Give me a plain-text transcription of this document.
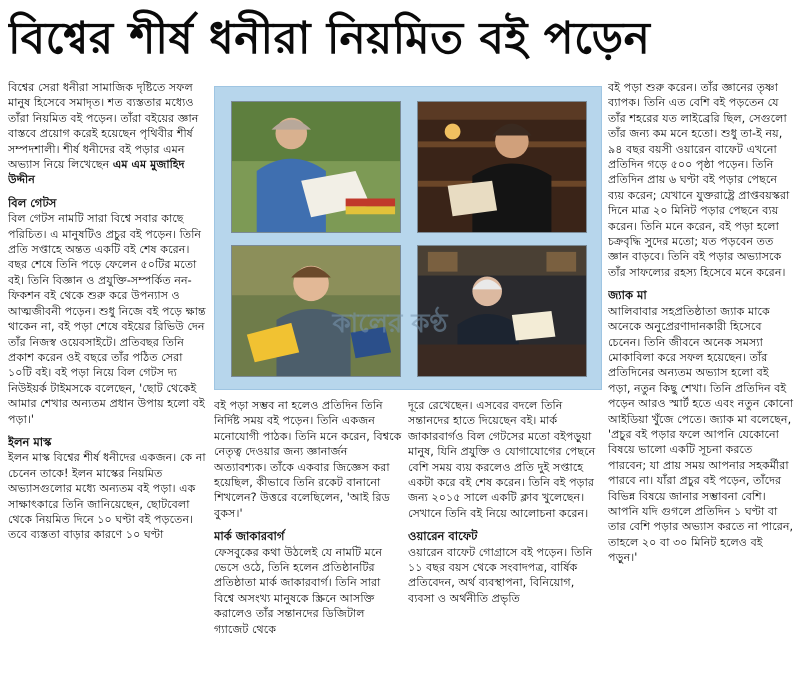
বিশ্বের শীর্ষ ধনীরা নিয়মিত বই পড়েন

বিশ্বের সেরা ধনীরা সামাজিক দৃষ্টিতে সফল মানুষ হিসেবে সমাদৃত। শত ব্যস্ততার মধ্যেও তাঁরা নিয়মিত বই পড়েন। তাঁরা বইয়ের জ্ঞান বাস্তবে প্রয়োগ করেই হয়েছেন পৃথিবীর শীর্ষ সম্পদশালী। শীর্ষ ধনীদের বই পড়ার এমন অভ্যাস নিয়ে লিখেছেন এম এম মুজাহিদ উদ্দীন

বিল গেটস

বিল গেটস নামটি সারা বিশ্বে সবার কাছে পরিচিত। এ মানুষটিও প্রচুর বই পড়েন। তিনি প্রতি সপ্তাহে অন্তত একটি বই শেষ করেন। বছর শেষে তিনি পড়ে ফেলেন ৫০টির মতো বই। তিনি বিজ্ঞান ও প্রযুক্তি-সম্পর্কিত নন-ফিকশন বই থেকে শুরু করে উপন্যাস ও আত্মজীবনী পড়েন। শুধু নিজে বই পড়ে ক্ষান্ত থাকেন না, বই পড়া শেষে বইয়ের রিভিউ দেন তাঁর নিজস্ব ওয়েবসাইটে। প্রতিবছর তিনি প্রকাশ করেন ওই বছরে তাঁর পঠিত সেরা ১০টি বই। বই পড়া নিয়ে বিল গেটস দ্য নিউইয়র্ক টাইমসকে বলেছেন, 'ছোট থেকেই আমার শেখার অন্যতম প্রধান উপায় হলো বই পড়া।'

ইলন মাস্ক

ইলন মাস্ক বিশ্বের শীর্ষ ধনীদের একজন। কে না চেনেন তাকে! ইলন মাস্কের নিয়মিত অভ্যাসগুলোর মধ্যে অন্যতম বই পড়া। এক সাক্ষাৎকারে তিনি জানিয়েছেন, ছোটবেলা থেকে নিয়মিত দিনে ১০ ঘণ্টা বই পড়তেন। তবে ব্যস্ততা বাড়ার কারণে ১০ ঘণ্টা

কালের কণ্ঠ

বই পড়া সম্ভব না হলেও প্রতিদিন তিনি নির্দিষ্ট সময় বই পড়েন। তিনি একজন মনোযোগী পাঠক। তিনি মনে করেন, বিশ্বকে নেতৃত্ব দেওয়ার জন্য জ্ঞানার্জন অত্যাবশ্যক। তাঁকে একবার জিজ্ঞেস করা হয়েছিল, কীভাবে তিনি রকেট বানানো শিখলেন? উত্তরে বলেছিলেন, 'আই রিড বুকস।'

মার্ক জাকারবার্গ

ফেসবুকের কথা উঠলেই যে নামটি মনে ভেসে ওঠে, তিনি হলেন প্রতিষ্ঠানটির প্রতিষ্ঠাতা মার্ক জাকারবার্গ। তিনি সারা বিশ্বে অসংখ্য মানুষকে স্ক্রিনে আসক্তি করালেও তাঁর সন্তানদের ডিজিটাল গ্যাজেট থেকে

দূরে রেখেছেন। এসবের বদলে তিনি সন্তানদের হাতে দিয়েছেন বই। মার্ক জাকারবার্গও বিল গেটসের মতো বইপড়ুয়া মানুষ, যিনি প্রযুক্তি ও যোগাযোগের পেছনে বেশি সময় ব্যয় করলেও প্রতি দুই সপ্তাহে একটা করে বই শেষ করেন। তিনি বই পড়ার জন্য ২০১৫ সালে একটি ক্লাব খুলেছেন। সেখানে তিনি বই নিয়ে আলোচনা করেন।

ওয়ারেন বাফেট

ওয়ারেন বাফেট গোগ্রাসে বই পড়েন। তিনি ১১ বছর বয়স থেকে সংবাদপত্র, বার্ষিক প্রতিবেদন, অর্থ ব্যবস্থাপনা, বিনিয়োগ, ব্যবসা ও অর্থনীতি প্রভৃতি

বই পড়া শুরু করেন। তাঁর জ্ঞানের তৃষ্ণা ব্যাপক। তিনি এত বেশি বই পড়তেন যে তাঁর শহরের যত লাইব্রেরি ছিল, সেগুলো তাঁর জন্য কম মনে হতো। শুধু তা-ই নয়, ৯৪ বছর বয়সী ওয়ারেন বাফেট এখনো প্রতিদিন গড়ে ৫০০ পৃষ্ঠা পড়েন। তিনি প্রতিদিন প্রায় ৬ ঘণ্টা বই পড়ার পেছনে ব্যয় করেন; যেখানে যুক্তরাষ্ট্রে প্রাপ্তবয়স্করা দিনে মাত্র ২০ মিনিট পড়ার পেছনে ব্যয় করেন। তিনি মনে করেন, বই পড়া হলো চক্রবৃদ্ধি সুদের মতো; যত পড়বেন তত জ্ঞান বাড়বে। তিনি বই পড়ার অভ্যাসকে তাঁর সাফল্যের রহস্য হিসেবে মনে করেন।

জ্যাক মা

আলিবাবার সহপ্রতিষ্ঠাতা জ্যাক মাকে অনেকে অনুপ্রেরণাদানকারী হিসেবে চেনেন। তিনি জীবনে অনেক সমস্যা মোকাবিলা করে সফল হয়েছেন। তাঁর প্রতিদিনের অন্যতম অভ্যাস হলো বই পড়া, নতুন কিছু শেখা। তিনি প্রতিদিন বই পড়েন আরও স্মার্ট হতে এবং নতুন কোনো আইডিয়া খুঁজে পেতে। জ্যাক মা বলেছেন, 'প্রচুর বই পড়ার ফলে আপনি যেকোনো বিষয়ে ভালো একটি সূচনা করতে পারবেন; যা প্রায় সময় আপনার সহকর্মীরা পারবে না। যাঁরা প্রচুর বই পড়েন, তাঁদের বিভিন্ন বিষয়ে জানার সম্ভাবনা বেশি। আপনি যদি গুগলে প্রতিদিন ১ ঘণ্টা বা তার বেশি পড়ার অভ্যাস করতে না পারেন, তাহলে ২০ বা ৩০ মিনিট হলেও বই পড়ুন।'
